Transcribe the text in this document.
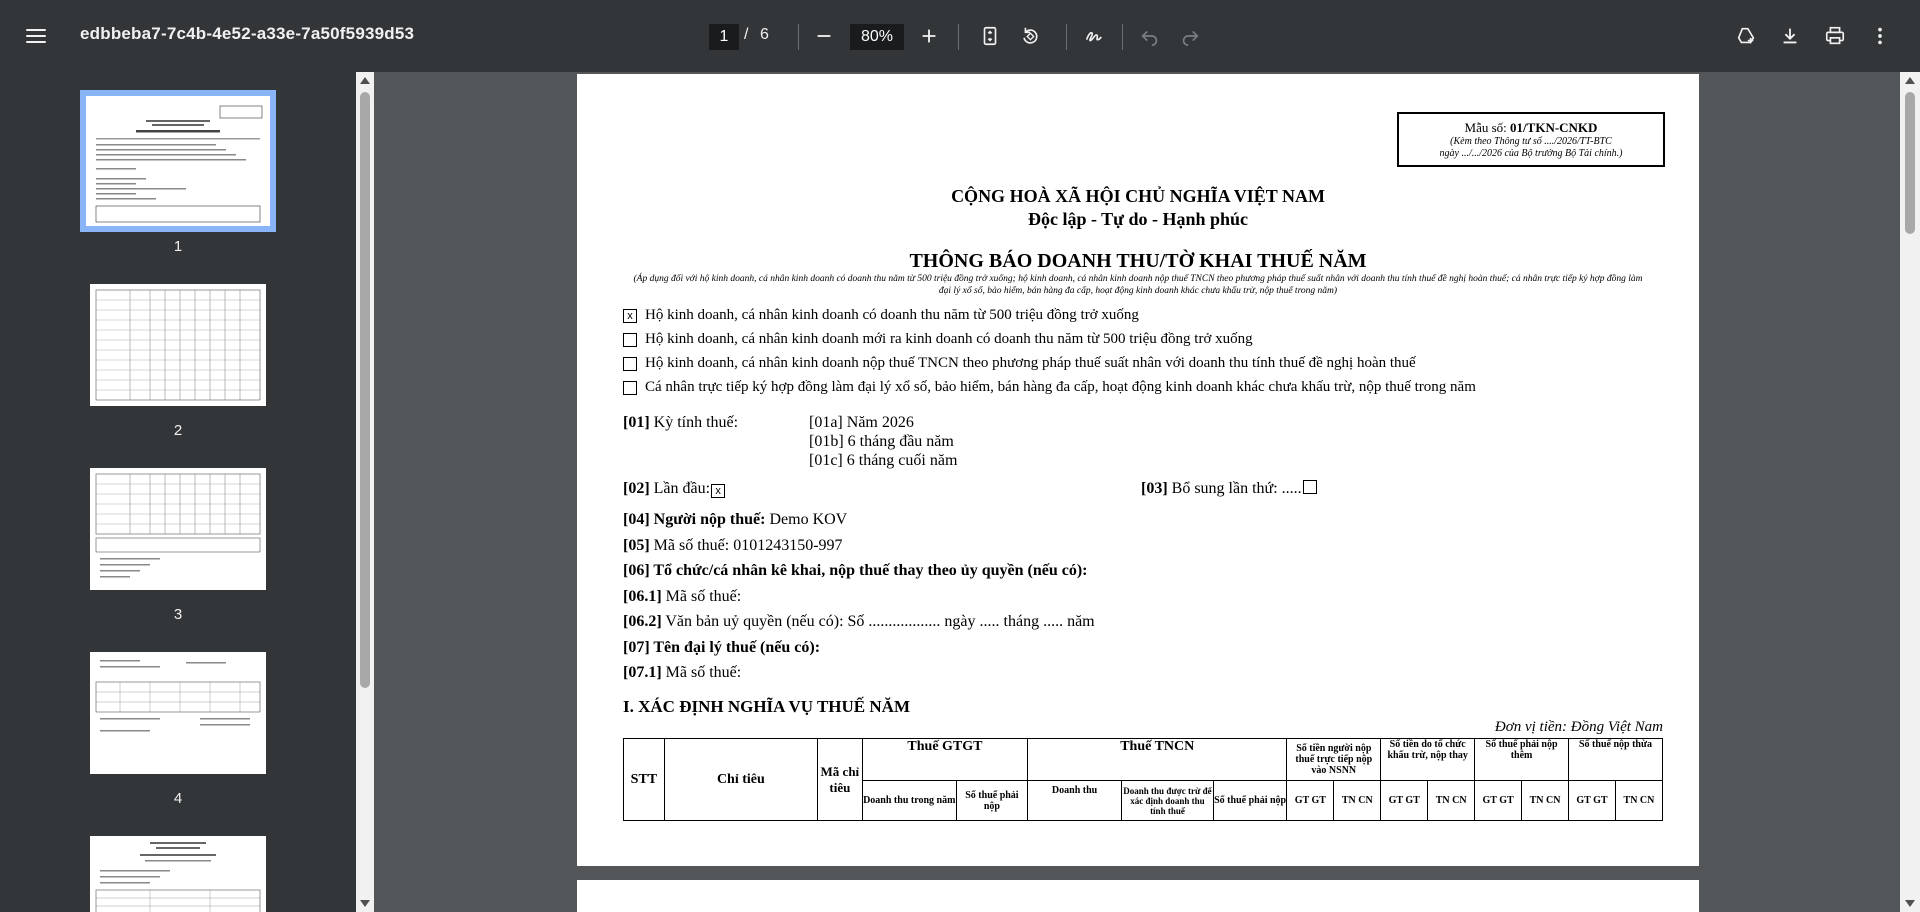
edbbeba7-7c4b-4e52-a33e-7a50f5939d53	1 / 6	80%
1
2
3
4
Mẫu số: 01/TKN-CNKD
(Kèm theo Thông tư số ..../2026/TT-BTC
ngày .../.../2026 của Bộ trưởng Bộ Tài chính.)
CỘNG HOÀ XÃ HỘI CHỦ NGHĨA VIỆT NAM
Độc lập - Tự do - Hạnh phúc
THÔNG BÁO DOANH THU/TỜ KHAI THUẾ NĂM
(Áp dụng đối với hộ kinh doanh, cá nhân kinh doanh có doanh thu năm từ 500 triệu đồng trở xuống; hộ kinh doanh, cá nhân kinh doanh nộp thuế TNCN theo phương pháp thuế suất nhân với doanh thu tính thuế đề nghị hoàn thuế; cá nhân trực tiếp ký hợp đồng làm đại lý xổ số, bảo hiểm, bán hàng đa cấp, hoạt động kinh doanh khác chưa khấu trừ, nộp thuế trong năm)
x Hộ kinh doanh, cá nhân kinh doanh có doanh thu năm từ 500 triệu đồng trở xuống
Hộ kinh doanh, cá nhân kinh doanh mới ra kinh doanh có doanh thu năm từ 500 triệu đồng trở xuống
Hộ kinh doanh, cá nhân kinh doanh nộp thuế TNCN theo phương pháp thuế suất nhân với doanh thu tính thuế đề nghị hoàn thuế
Cá nhân trực tiếp ký hợp đồng làm đại lý xổ số, bảo hiểm, bán hàng đa cấp, hoạt động kinh doanh khác chưa khấu trừ, nộp thuế trong năm
[01] Kỳ tính thuế:	[01a] Năm 2026
[01b] 6 tháng đầu năm
[01c] 6 tháng cuối năm
[02] Lần đầu: x	[03] Bổ sung lần thứ: .....
[04] Người nộp thuế: Demo KOV
[05] Mã số thuế: 0101243150-997
[06] Tổ chức/cá nhân kê khai, nộp thuế thay theo ủy quyền (nếu có):
[06.1] Mã số thuế:
[06.2] Văn bản uỷ quyền (nếu có): Số .................. ngày ..... tháng ..... năm
[07] Tên đại lý thuế (nếu có):
[07.1] Mã số thuế:
I. XÁC ĐỊNH NGHĨA VỤ THUẾ NĂM
Đơn vị tiền: Đồng Việt Nam
STT	Chỉ tiêu	Mã chỉ tiêu	Thuế GTGT		Thuế TNCN			Số tiền người nộp thuế trực tiếp nộp vào NSNN		Số tiền do tổ chức khấu trừ, nộp thay		Số thuế phải nộp thêm		Số thuế nộp thừa	
			Doanh thu trong năm	Số thuế phải nộp	Doanh thu	Doanh thu được trừ để xác định doanh thu tính thuế	Số thuế phải nộp	GT GT	TN CN	GT GT	TN CN	GT GT	TN CN	GT GT	TN CN
